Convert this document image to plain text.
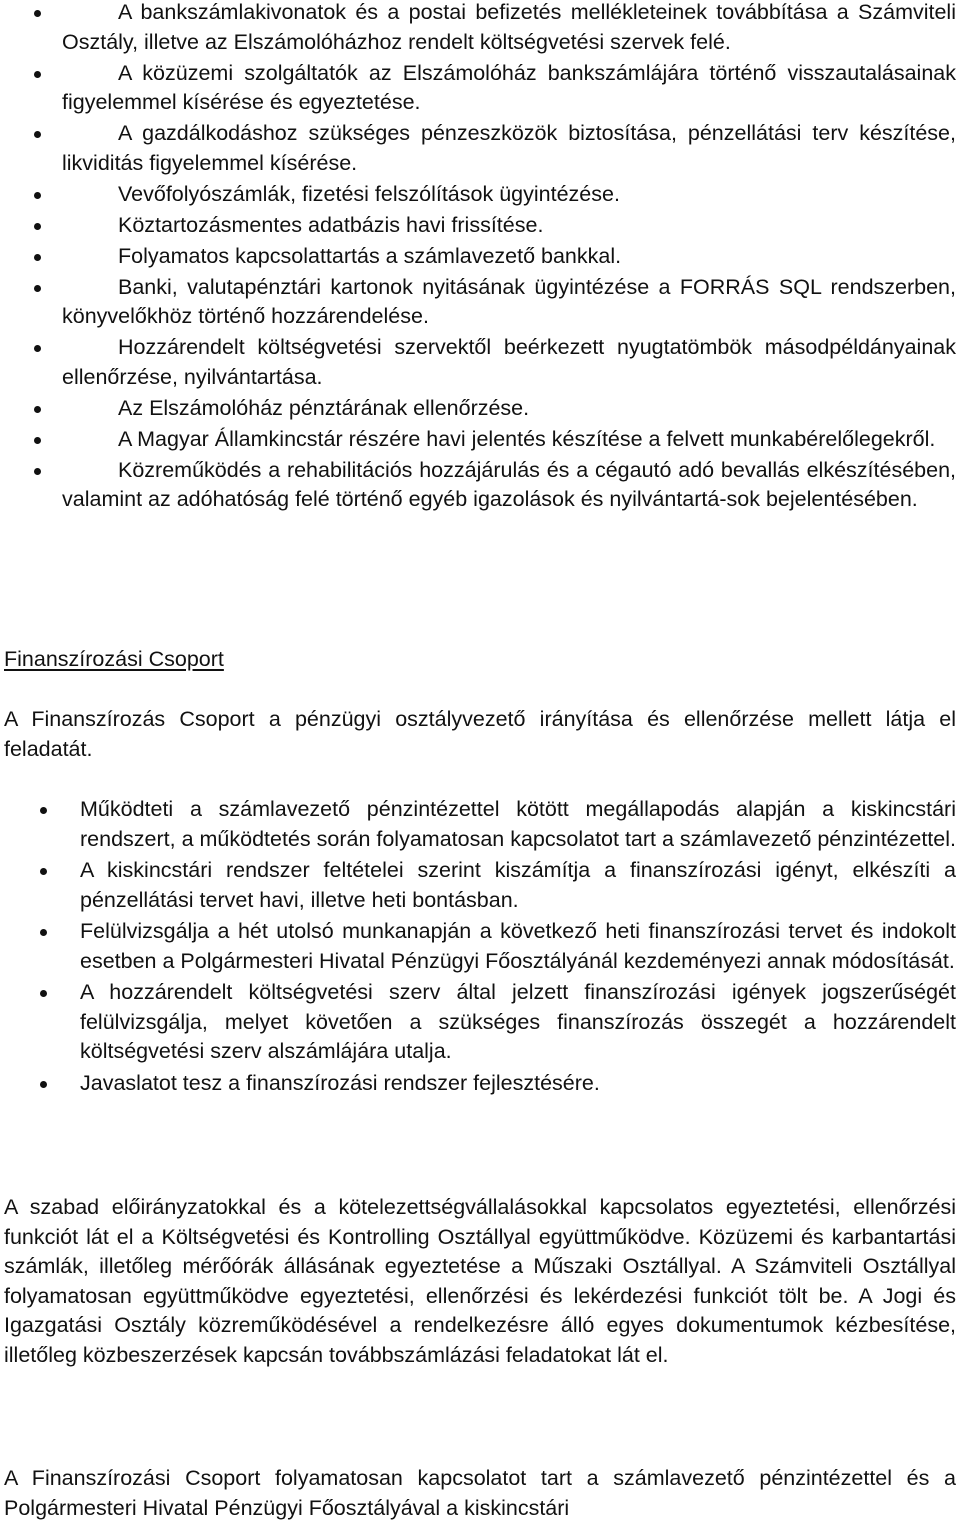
A bankszámlakivonatok és a postai befizetés mellékleteinek továbbítása a Számviteli Osztály, illetve az Elszámolóházhoz rendelt költségvetési szervek felé.
A közüzemi szolgáltatók az Elszámolóház bankszámlájára történő visszautalásainak figyelemmel kísérése és egyeztetése.
A gazdálkodáshoz szükséges pénzeszközök biztosítása, pénzellátási terv készítése, likviditás figyelemmel kísérése.
Vevőfolyószámlák, fizetési felszólítások ügyintézése.
Köztartozásmentes adatbázis havi frissítése.
Folyamatos kapcsolattartás a számlavezető bankkal.
Banki, valutapénztári kartonok nyitásának ügyintézése a FORRÁS SQL rendszerben, könyvelőkhöz történő hozzárendelése.
Hozzárendelt költségvetési szervektől beérkezett nyugtatömbök másodpéldányainak ellenőrzése, nyilvántartása.
Az Elszámolóház pénztárának ellenőrzése.
A Magyar Államkincstár részére havi jelentés készítése a felvett munkabérelőlegekről.
Közreműködés a rehabilitációs hozzájárulás és a cégautó adó bevallás elkészítésében, valamint az adóhatóság felé történő egyéb igazolások és nyilvántartá-sok bejelentésében.

Finanszírozási Csoport

A Finanszírozás Csoport a pénzügyi osztályvezető irányítása és ellenőrzése mellett látja el feladatát.

Működteti a számlavezető pénzintézettel kötött megállapodás alapján a kiskincstári rendszert, a működtetés során folyamatosan kapcsolatot tart a számlavezető pénzintézettel.
A kiskincstári rendszer feltételei szerint kiszámítja a finanszírozási igényt, elkészíti a pénzellátási tervet havi, illetve heti bontásban.
Felülvizsgálja a hét utolsó munkanapján a következő heti finanszírozási tervet és indokolt esetben a Polgármesteri Hivatal Pénzügyi Főosztályánál kezdeményezi annak módosítását.
A hozzárendelt költségvetési szerv által jelzett finanszírozási igények jogszerűségét felülvizsgálja, melyet követően a szükséges finanszírozás összegét a hozzárendelt költségvetési szerv alszámlájára utalja.
Javaslatot tesz a finanszírozási rendszer fejlesztésére.

A szabad előirányzatokkal és a kötelezettségvállalásokkal kapcsolatos egyeztetési, ellenőrzési funkciót lát el a Költségvetési és Kontrolling Osztállyal együttműködve. Közüzemi és karbantartási számlák, illetőleg mérőórák állásának egyeztetése a Műszaki Osztállyal. A Számviteli Osztállyal folyamatosan együttműködve egyeztetési, ellenőrzési és lekérdezési funkciót tölt be. A Jogi és Igazgatási Osztály közreműködésével a rendelkezésre álló egyes dokumentumok kézbesítése, illetőleg közbeszerzések kapcsán továbbszámlázási feladatokat lát el.

A Finanszírozási Csoport folyamatosan kapcsolatot tart a számlavezető pénzintézettel és a Polgármesteri Hivatal Pénzügyi Főosztályával a kiskincstári
